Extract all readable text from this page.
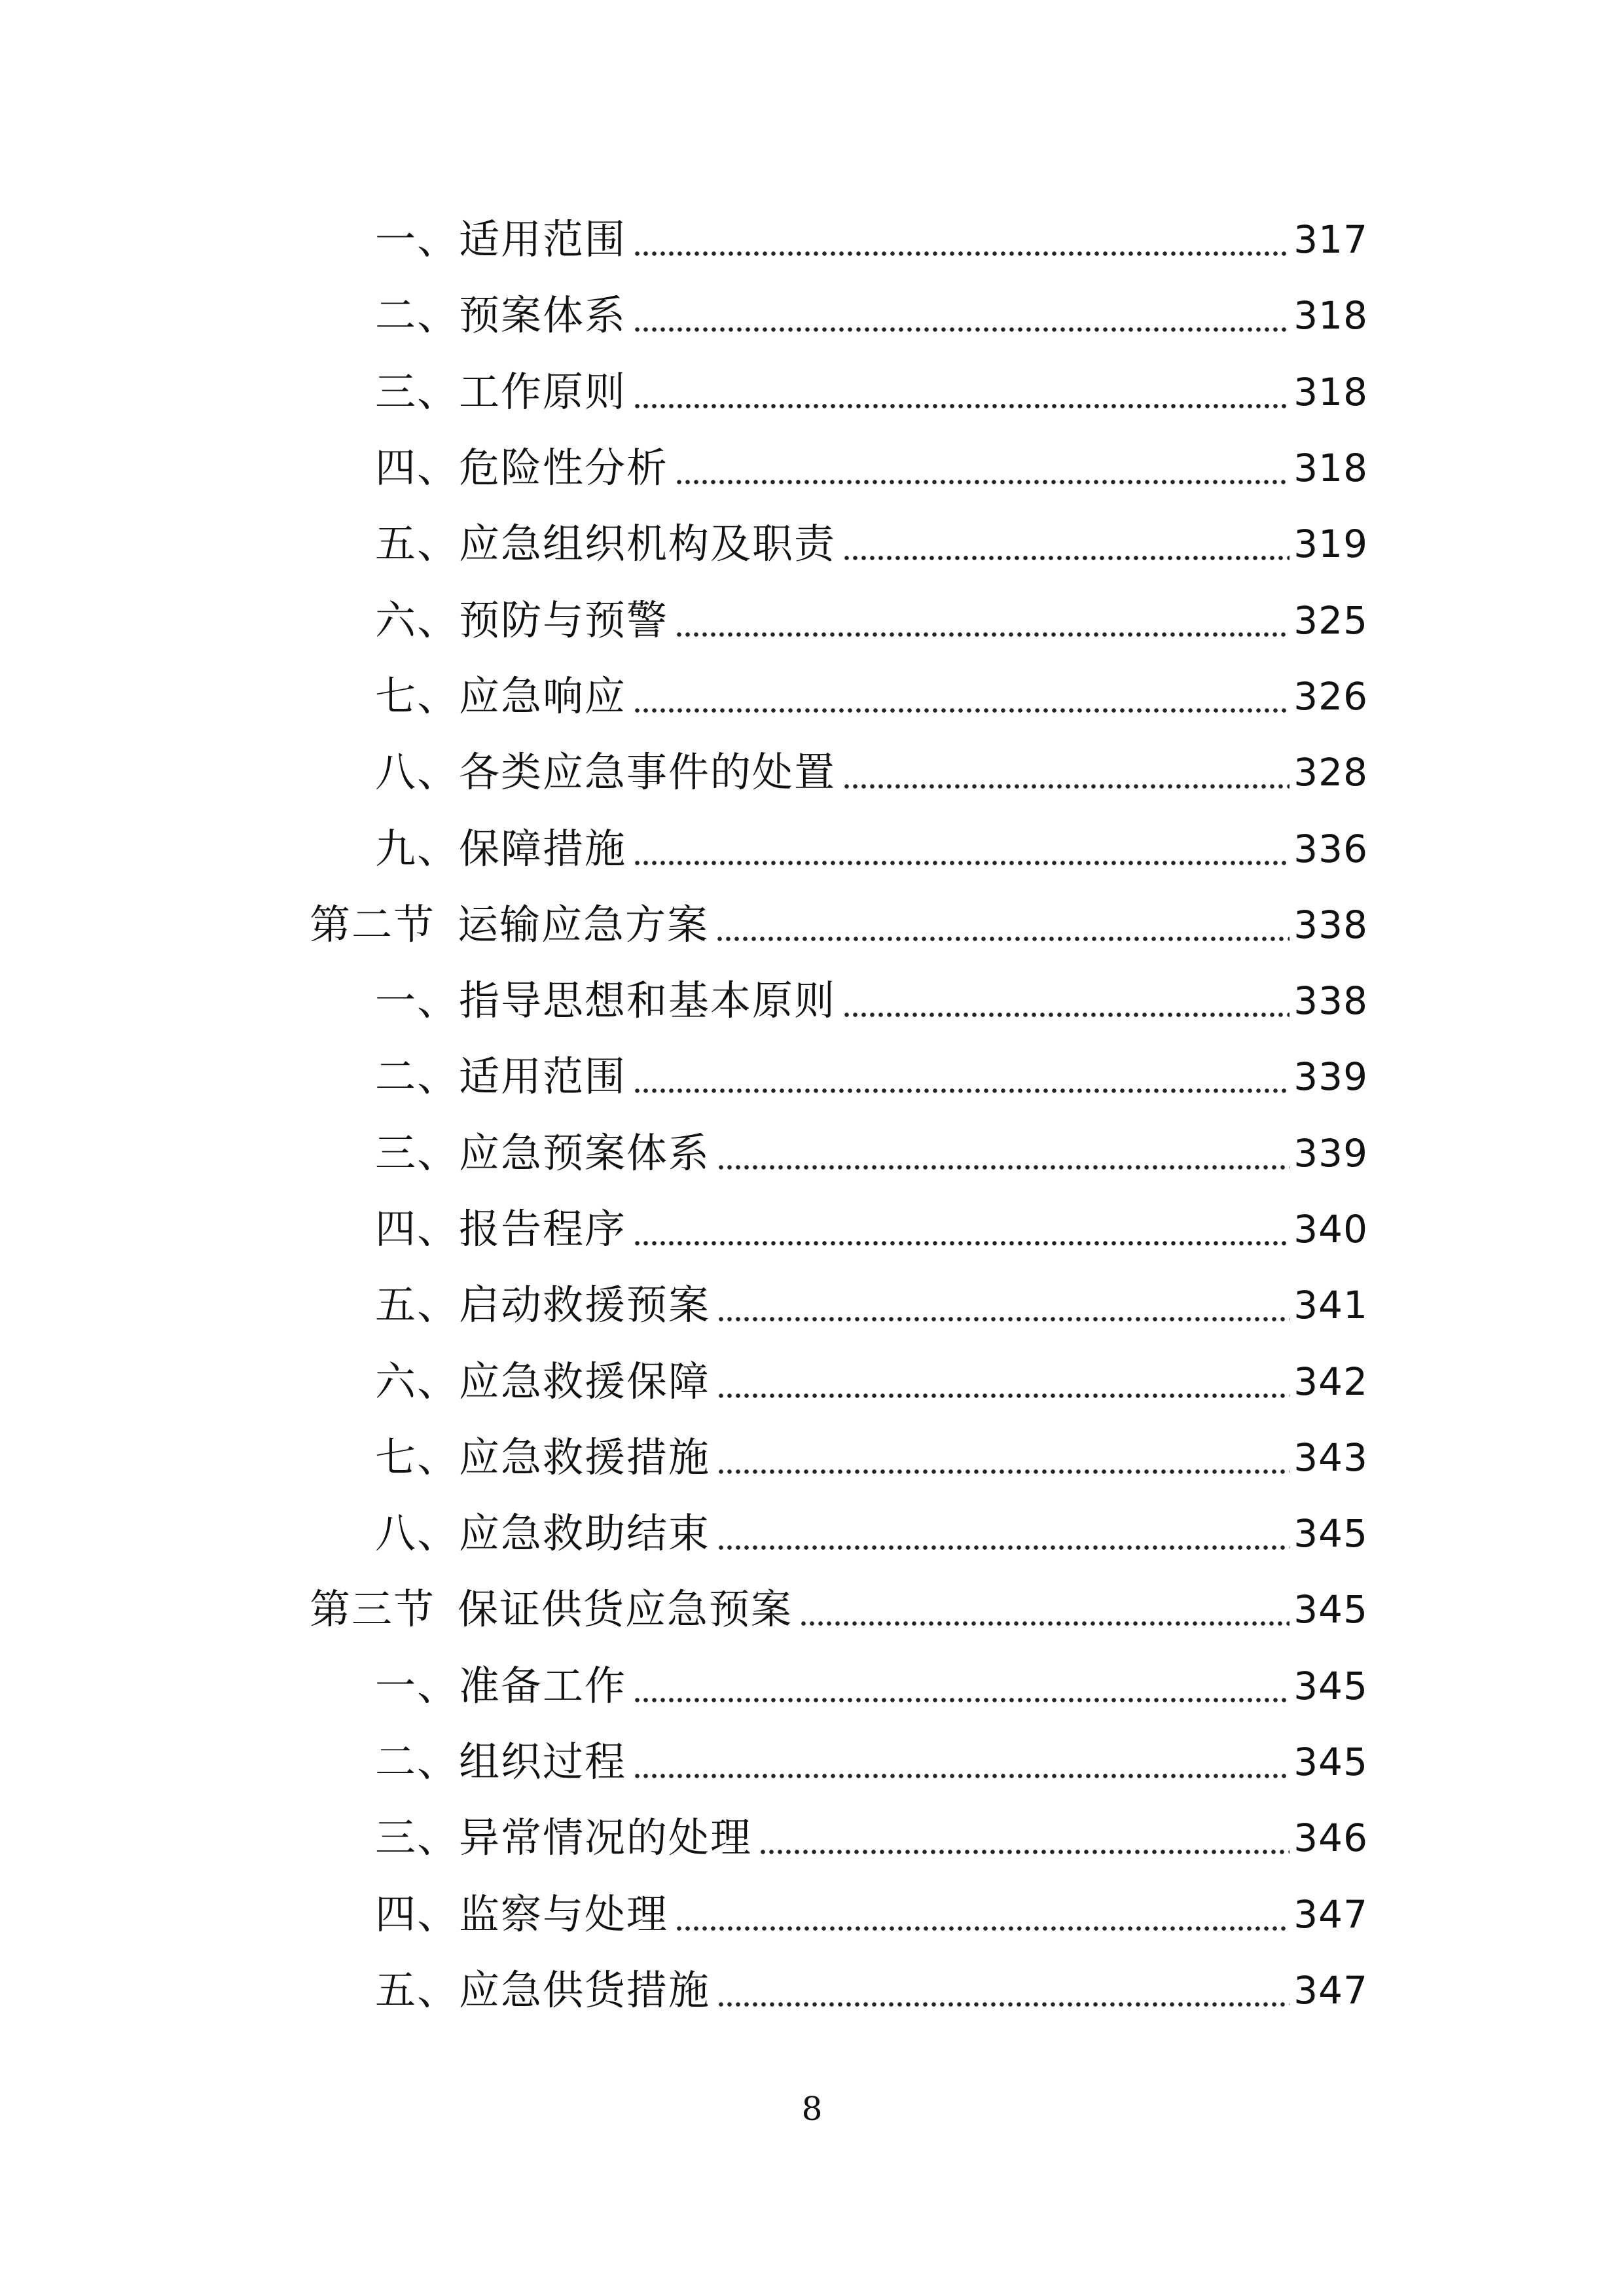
一、适用范围	317
二、预案体系	318
三、工作原则	318
四、危险性分析	318
五、应急组织机构及职责	319
六、预防与预警	325
七、应急响应	326
八、各类应急事件的处置	328
九、保障措施	336
第二节 运输应急方案	338
一、指导思想和基本原则	338
二、适用范围	339
三、应急预案体系	339
四、报告程序	340
五、启动救援预案	341
六、应急救援保障	342
七、应急救援措施	343
八、应急救助结束	345
第三节 保证供货应急预案	345
一、准备工作	345
二、组织过程	345
三、异常情况的处理	346
四、监察与处理	347
五、应急供货措施	347
8
